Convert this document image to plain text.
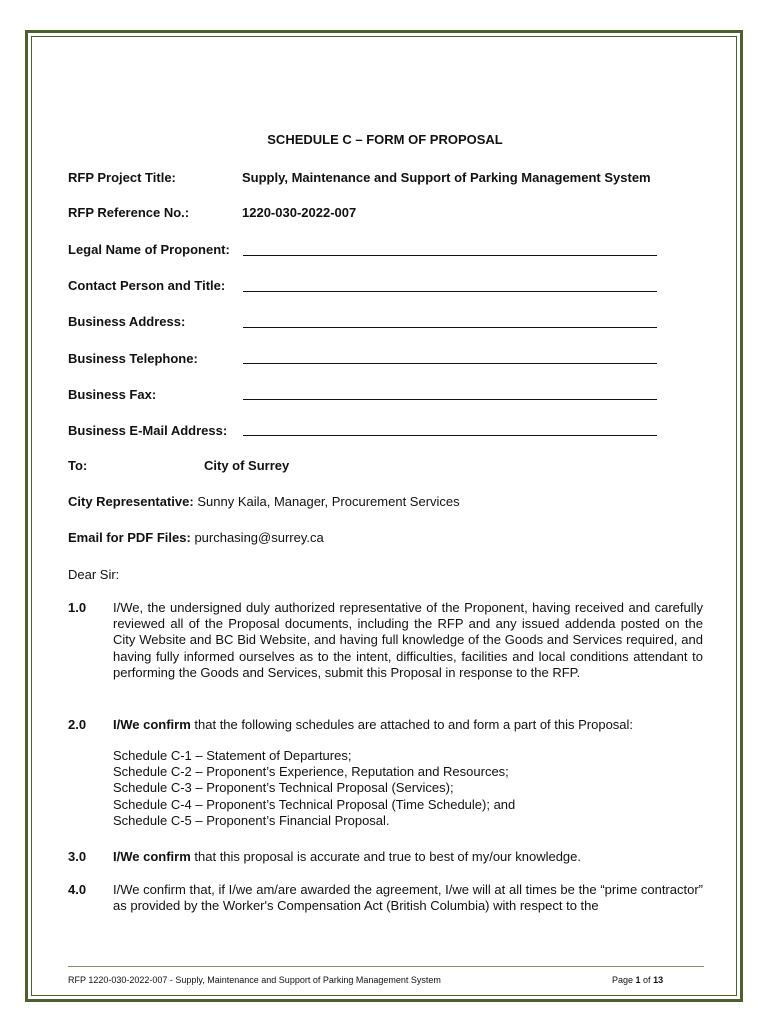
SCHEDULE C – FORM OF PROPOSAL
RFP Project Title:	Supply, Maintenance and Support of Parking Management System
RFP Reference No.:	1220-030-2022-007
Legal Name of Proponent:
Contact Person and Title:
Business Address:
Business Telephone:
Business Fax:
Business E-Mail Address:
To:	City of Surrey
City Representative: Sunny Kaila, Manager, Procurement Services
Email for PDF Files: purchasing@surrey.ca
Dear Sir:
1.0 I/We, the undersigned duly authorized representative of the Proponent, having received and carefully reviewed all of the Proposal documents, including the RFP and any issued addenda posted on the City Website and BC Bid Website, and having full knowledge of the Goods and Services required, and having fully informed ourselves as to the intent, difficulties, facilities and local conditions attendant to performing the Goods and Services, submit this Proposal in response to the RFP.
2.0 I/We confirm that the following schedules are attached to and form a part of this Proposal:
Schedule C-1 – Statement of Departures;
Schedule C-2 – Proponent’s Experience, Reputation and Resources;
Schedule C-3 – Proponent’s Technical Proposal (Services);
Schedule C-4 – Proponent’s Technical Proposal (Time Schedule); and
Schedule C-5 – Proponent’s Financial Proposal.
3.0 I/We confirm that this proposal is accurate and true to best of my/our knowledge.
4.0 I/We confirm that, if I/we am/are awarded the agreement, I/we will at all times be the “prime contractor” as provided by the Worker's Compensation Act (British Columbia) with respect to the
RFP 1220-030-2022-007 - Supply, Maintenance and Support of Parking Management System	Page 1 of 13
